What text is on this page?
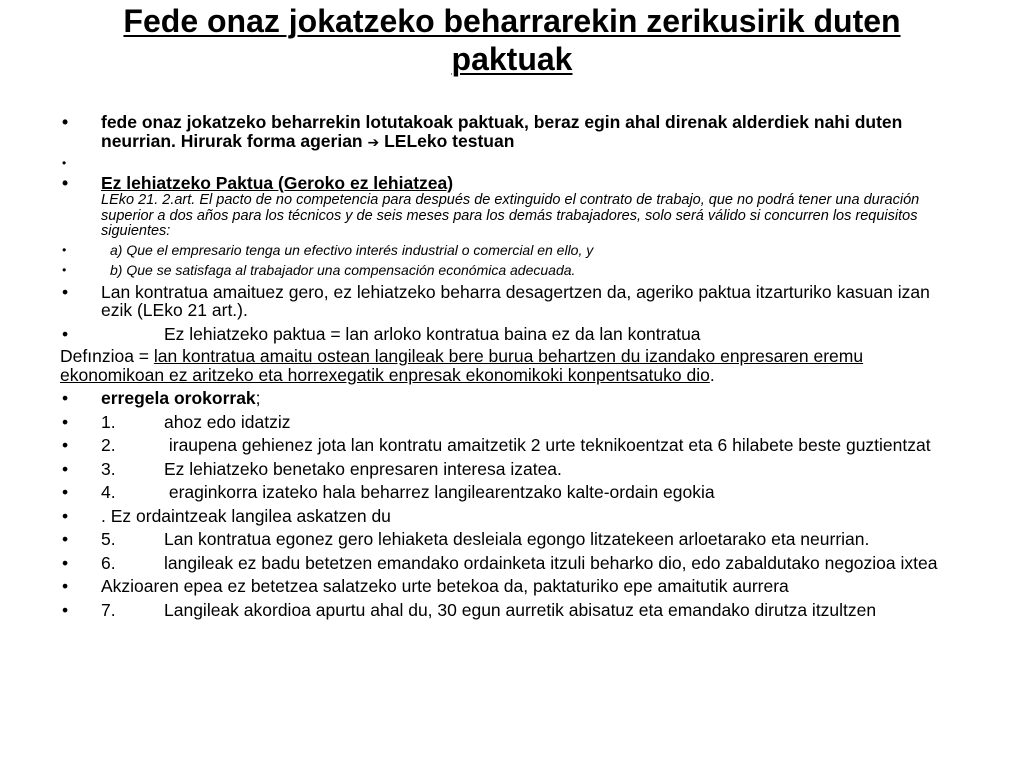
Fede onaz jokatzeko beharrarekin zerikusirik duten paktuak
• fede onaz jokatzeko beharrekin lotutakoak paktuak, beraz egin ahal direnak alderdiek nahi duten neurrian. Hirurak forma agerian ➔ LELeko testuan
•

• Ez lehiatzeko Paktua (Geroko ez lehiatzea)
LEko 21. 2.art. El pacto de no competencia para después de extinguido el contrato de trabajo, que no podrá tener una duración superior a dos años para los técnicos y de seis meses para los demás trabajadores, solo será válido si concurren los requisitos siguientes:
•	a) Que el empresario tenga un efectivo interés industrial o comercial en ello, y
•	b) Que se satisfaga al trabajador una compensación económica adecuada.
• Lan kontratua amaituez gero, ez lehiatzeko beharra desagertzen da, ageriko paktua itzarturiko kasuan izan ezik (LEko 21 art.).
•	Ez lehiatzeko paktua = lan arloko kontratua baina ez da lan kontratua
Defınzioa = lan kontratua amaitu ostean langileak bere burua behartzen du izandako enpresaren eremu ekonomikoan ez aritzeko eta horrexegatik enpresak ekonomikoki konpentsatuko dio.
• erregela orokorrak;
• 1.	ahoz edo idatziz
• 2.	iraupena gehienez jota lan kontratu amaitzetik 2 urte teknikoentzat eta 6 hilabete beste guztientzat
• 3.	Ez lehiatzeko benetako enpresaren interesa izatea.
• 4.	eraginkorra izateko hala beharrez langilearentzako kalte-ordain egokia
• . Ez ordaintzeak langilea askatzen du
• 5.	Lan kontratua egonez gero lehiaketa desleiala egongo litzatekeen arloetarako eta neurrian.
• 6.	langileak ez badu betetzen emandako ordainketa itzuli beharko dio, edo zabaldutako negozioa ixtea
• Akzioaren epea ez betetzea salatzeko urte betekoa da, paktaturiko epe amaitutik aurrera
• 7.	Langileak akordioa apurtu ahal du, 30 egun aurretik abisatuz eta emandako dirutza itzultzen
